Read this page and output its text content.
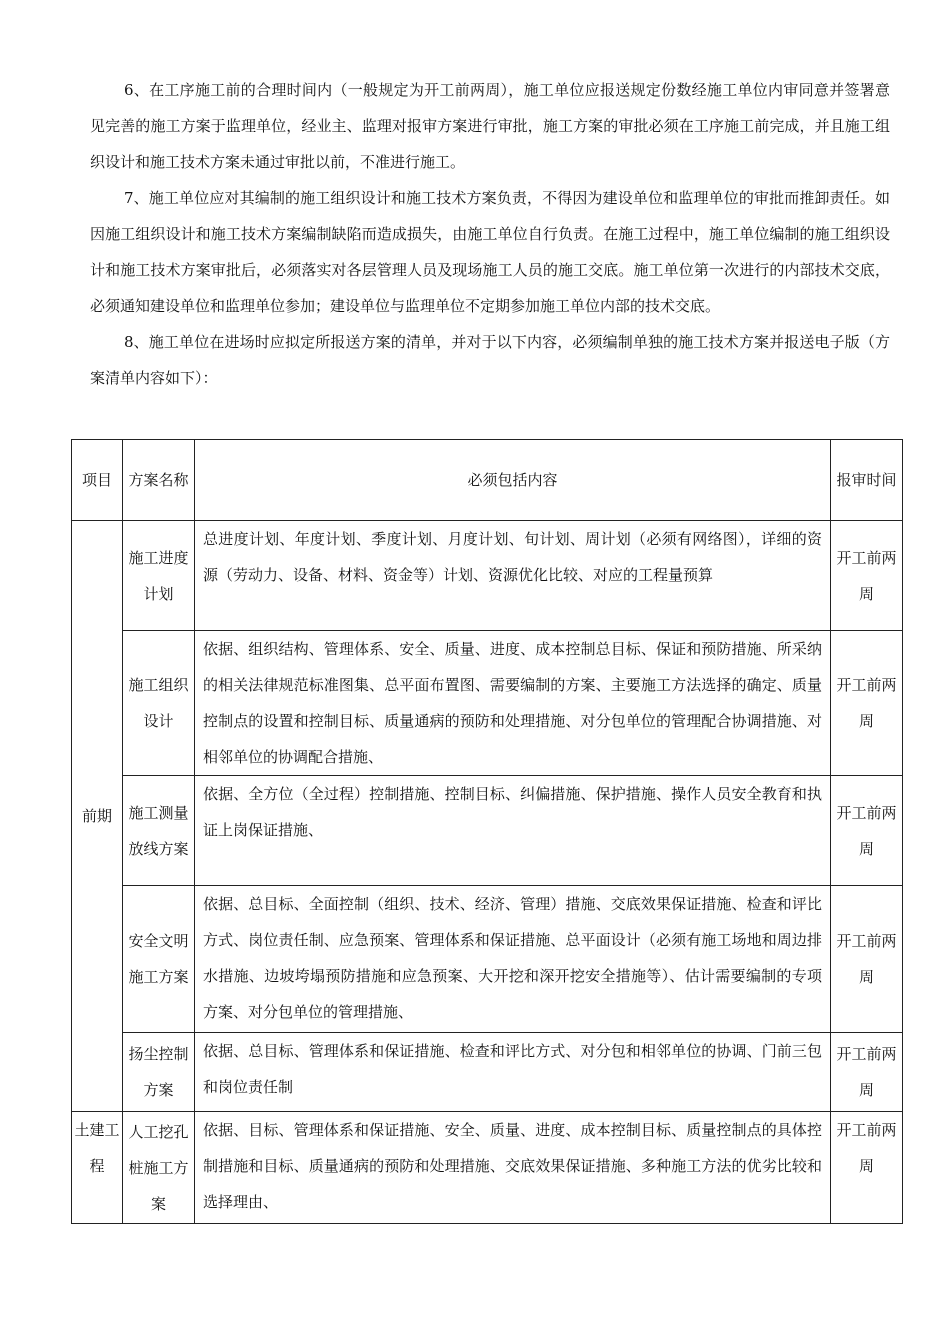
6、在工序施工前的合理时间内（一般规定为开工前两周），施工单位应报送规定份数经施工单位内审同意并签署意见完善的施工方案于监理单位，经业主、监理对报审方案进行审批，施工方案的审批必须在工序施工前完成，并且施工组织设计和施工技术方案未通过审批以前，不准进行施工。

7、施工单位应对其编制的施工组织设计和施工技术方案负责，不得因为建设单位和监理单位的审批而推卸责任。如因施工组织设计和施工技术方案编制缺陷而造成损失，由施工单位自行负责。在施工过程中，施工单位编制的施工组织设计和施工技术方案审批后，必须落实对各层管理人员及现场施工人员的施工交底。施工单位第一次进行的内部技术交底，必须通知建设单位和监理单位参加；建设单位与监理单位不定期参加施工单位内部的技术交底。

8、施工单位在进场时应拟定所报送方案的清单，并对于以下内容，必须编制单独的施工技术方案并报送电子版（方案清单内容如下）：

项目	方案名称	必须包括内容	报审时间
前期	施工进度计划	总进度计划、年度计划、季度计划、月度计划、旬计划、周计划（必须有网络图），详细的资源（劳动力、设备、材料、资金等）计划、资源优化比较、对应的工程量预算	开工前两周
	施工组织设计	依据、组织结构、管理体系、安全、质量、进度、成本控制总目标、保证和预防措施、所采纳的相关法律规范标准图集、总平面布置图、需要编制的方案、主要施工方法选择的确定、质量控制点的设置和控制目标、质量通病的预防和处理措施、对分包单位的管理配合协调措施、对相邻单位的协调配合措施、	开工前两周
	施工测量放线方案	依据、全方位（全过程）控制措施、控制目标、纠偏措施、保护措施、操作人员安全教育和执证上岗保证措施、	开工前两周
	安全文明施工方案	依据、总目标、全面控制（组织、技术、经济、管理）措施、交底效果保证措施、检查和评比方式、岗位责任制、应急预案、管理体系和保证措施、总平面设计（必须有施工场地和周边排水措施、边坡垮塌预防措施和应急预案、大开挖和深开挖安全措施等）、估计需要编制的专项方案、对分包单位的管理措施、	开工前两周
	扬尘控制方案	依据、总目标、管理体系和保证措施、检查和评比方式、对分包和相邻单位的协调、门前三包和岗位责任制	开工前两周
土建工程	人工挖孔桩施工方案	依据、目标、管理体系和保证措施、安全、质量、进度、成本控制目标、质量控制点的具体控制措施和目标、质量通病的预防和处理措施、交底效果保证措施、多种施工方法的优劣比较和选择理由、	开工前两周
